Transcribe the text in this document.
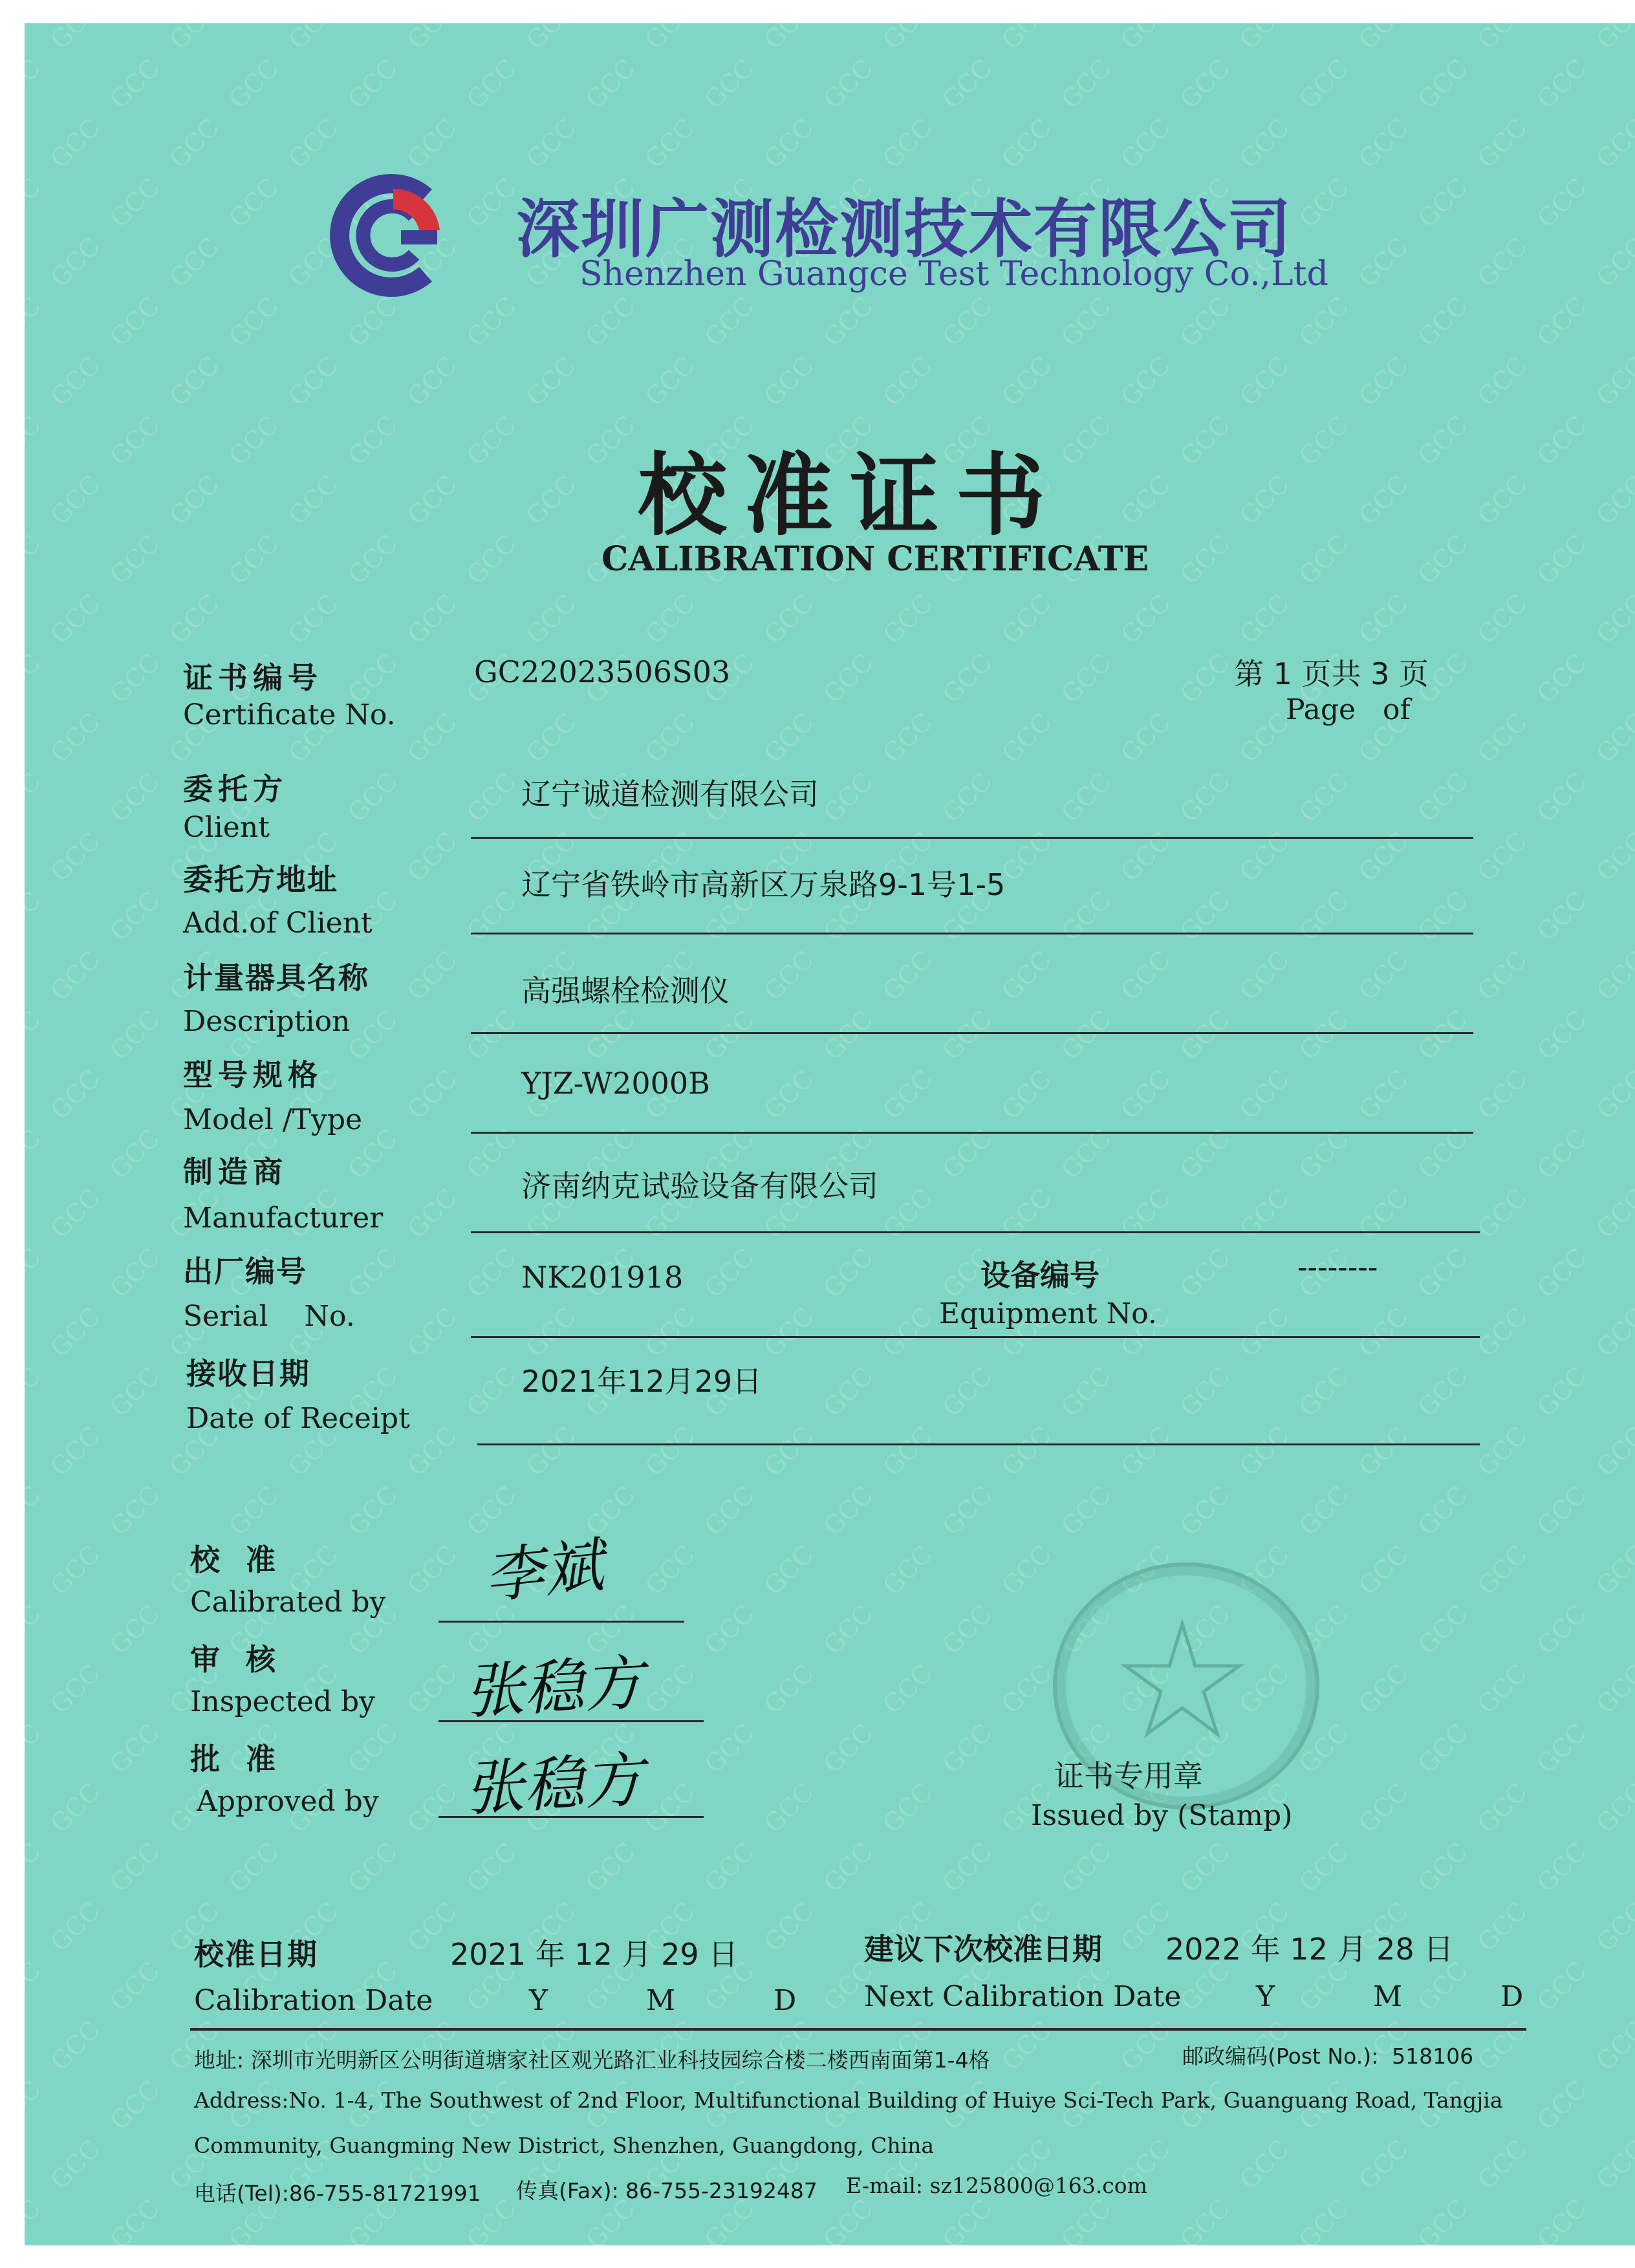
深圳广测检测技术有限公司
Shenzhen Guangce Test Technology Co.,Ltd
校准证书
CALIBRATION CERTIFICATE
证书编号
Certificate No.
GC22023506S03	第 1 页共 3 页
Page   of
委托方
Client
辽宁诚道检测有限公司
委托方地址
Add.of Client
辽宁省铁岭市高新区万泉路9-1号1-5
计量器具名称
Description
高强螺栓检测仪
型号规格
Model /Type
YJZ-W2000B
制造商
Manufacturer
济南纳克试验设备有限公司
出厂编号
Serial    No.
NK201918	设备编号
Equipment No.
--------
接收日期
Date of Receipt
2021年12月29日
校 准
Calibrated by 李斌
审 核
Inspected by 张稳方
批 准
Approved by 张稳方	证书专用章
Issued by (Stamp)
校准日期
Calibration Date
2021 年 12 月 29 日
Y    M    D
建议下次校准日期
Next Calibration Date
2022 年 12 月 28 日
Y    M    D
地址: 深圳市光明新区公明街道塘家社区观光路汇业科技园综合楼二楼西南面第1-4格	邮政编码(Post No.):  518106
Address:No. 1-4, The Southwest of 2nd Floor, Multifunctional Building of Huiye Sci-Tech Park, Guanguang Road, Tangjia
Community, Guangming New District, Shenzhen, Guangdong, China
电话(Tel):86-755-81721991 传真(Fax): 86-755-23192487 E-mail: sz125800@163.com
